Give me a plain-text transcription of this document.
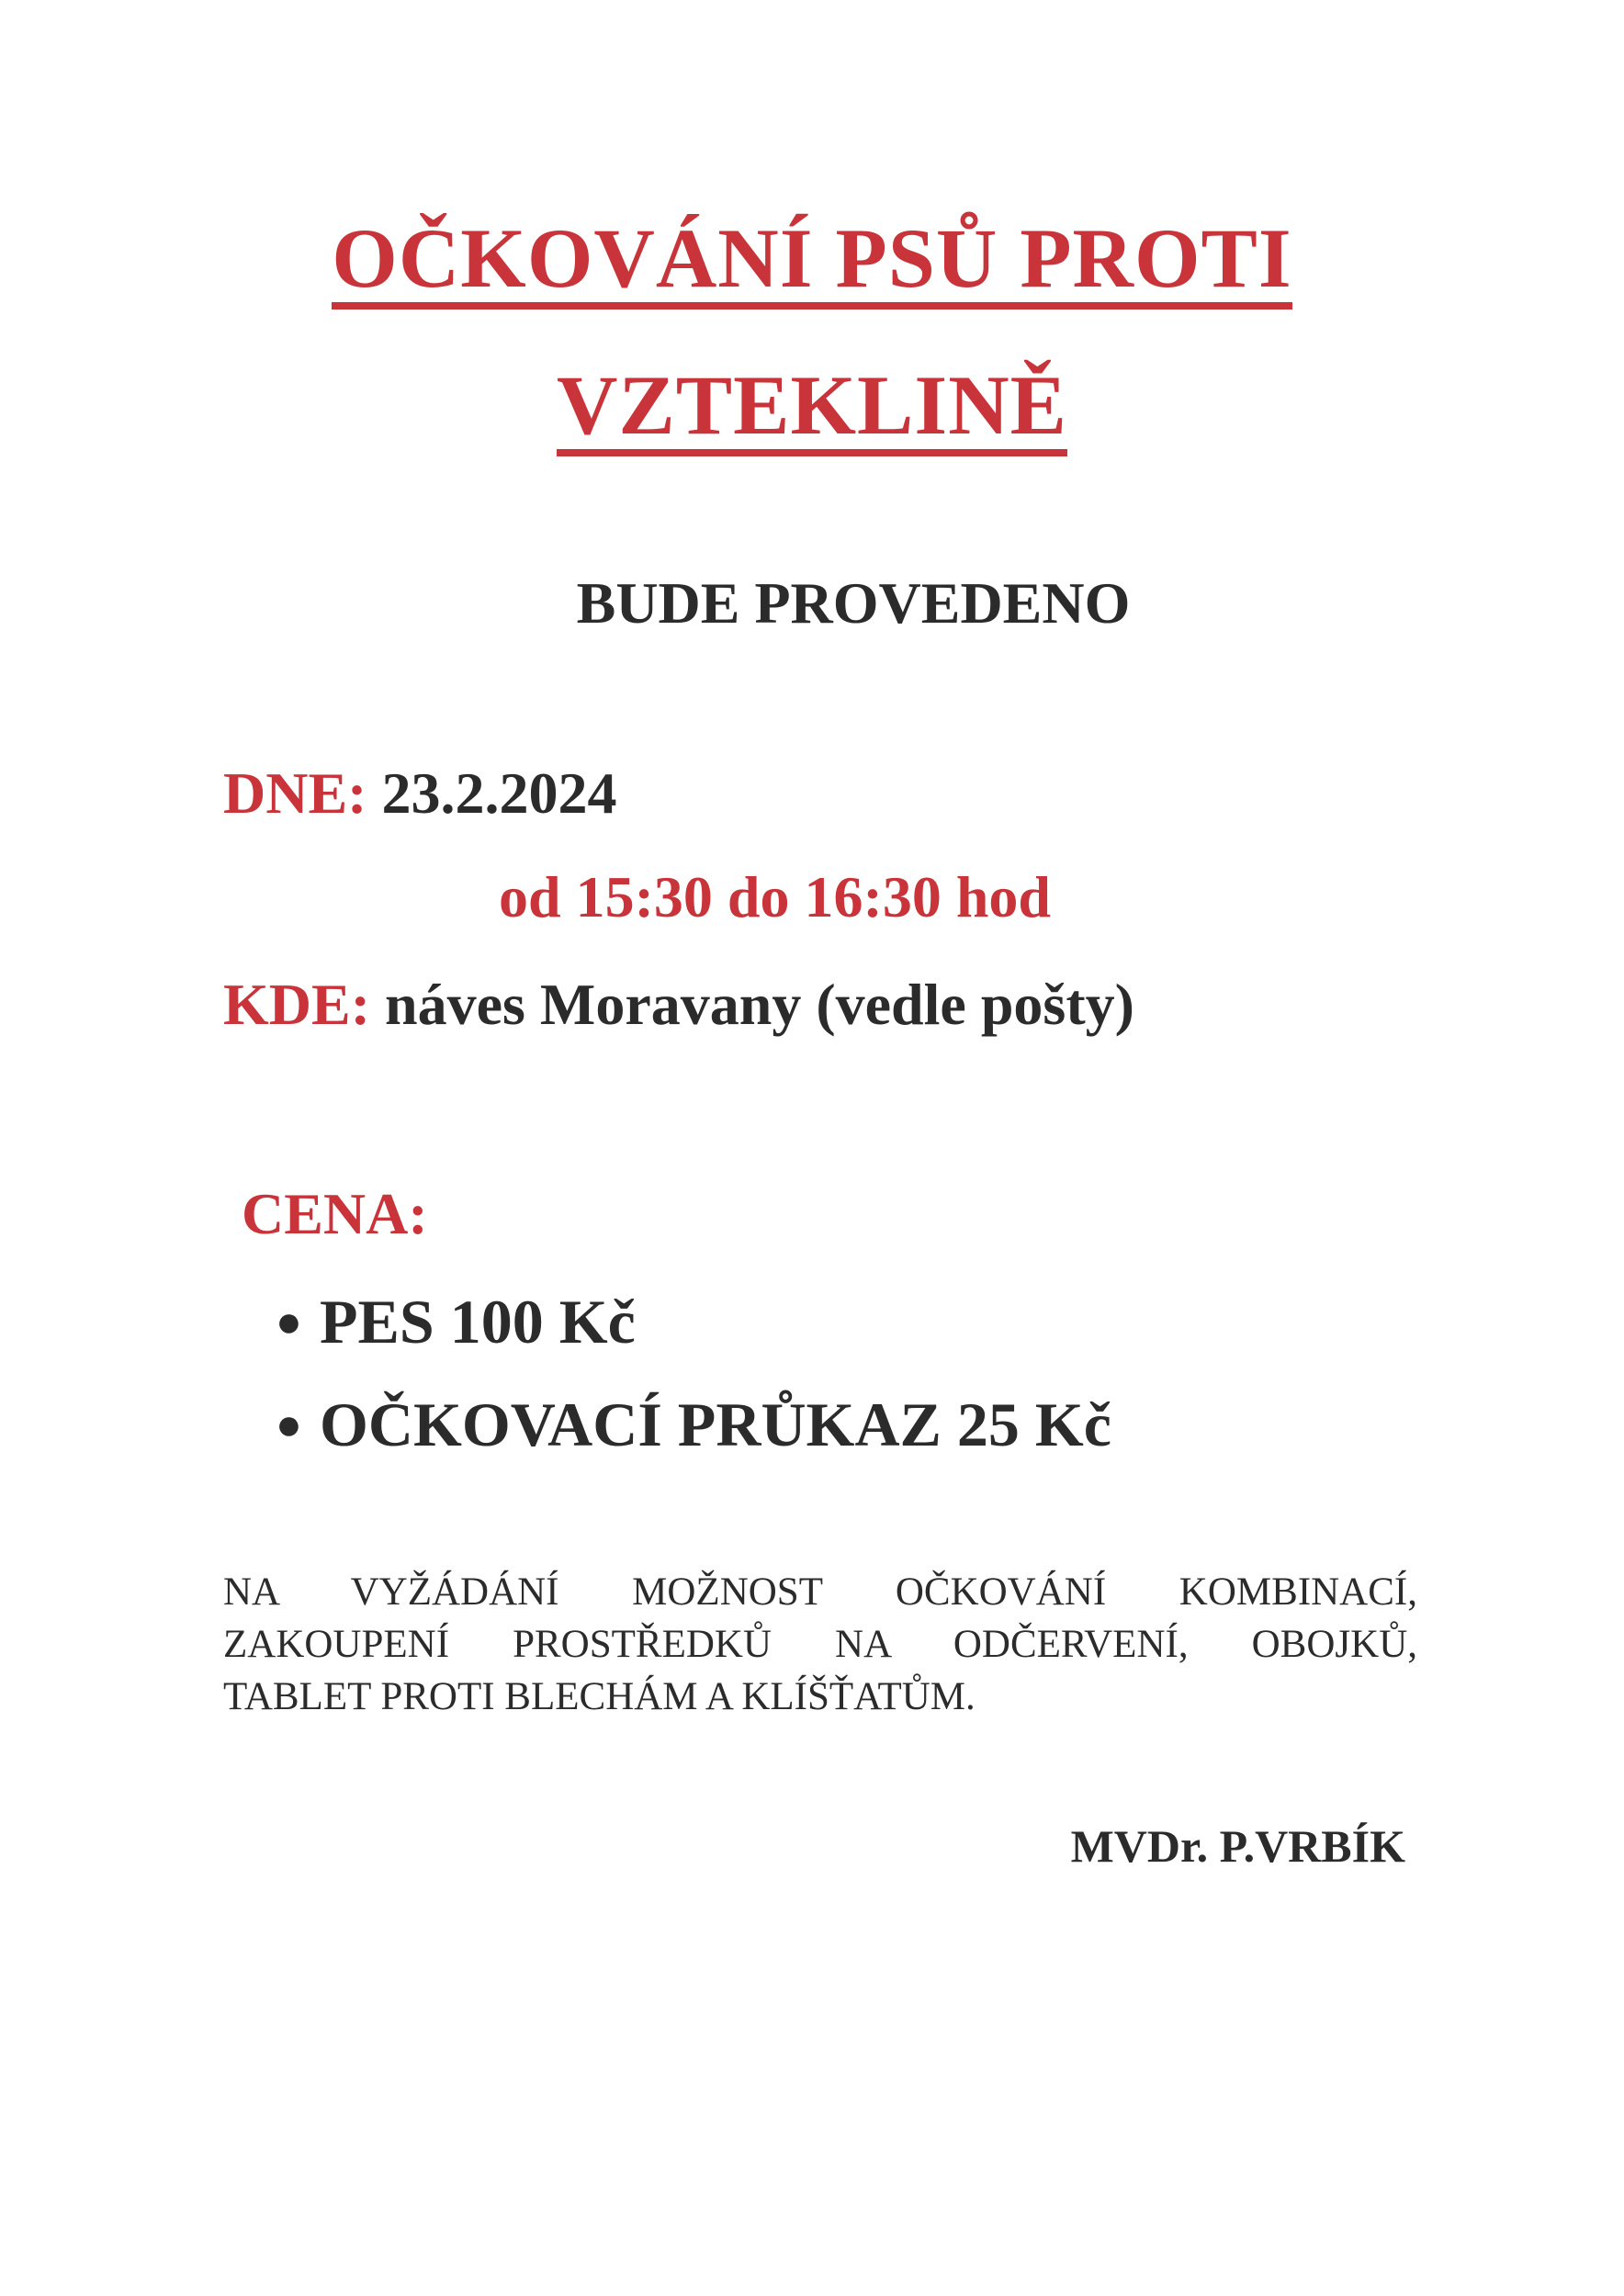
OČKOVÁNÍ PSŮ PROTI
VZTEKLINĚ
BUDE PROVEDENO
DNE: 23.2.2024
od 15:30 do 16:30 hod
KDE: náves Moravany (vedle pošty)
CENA:
● PES 100 Kč
● OČKOVACÍ PRŮKAZ 25 Kč

NA VYŽÁDÁNÍ MOŽNOST OČKOVÁNÍ KOMBINACÍ,

ZAKOUPENÍ PROSTŘEDKŮ NA ODČERVENÍ, OBOJKŮ,

TABLET PROTI BLECHÁM A KLÍŠŤATŮM.

MVDr. P.VRBÍK
